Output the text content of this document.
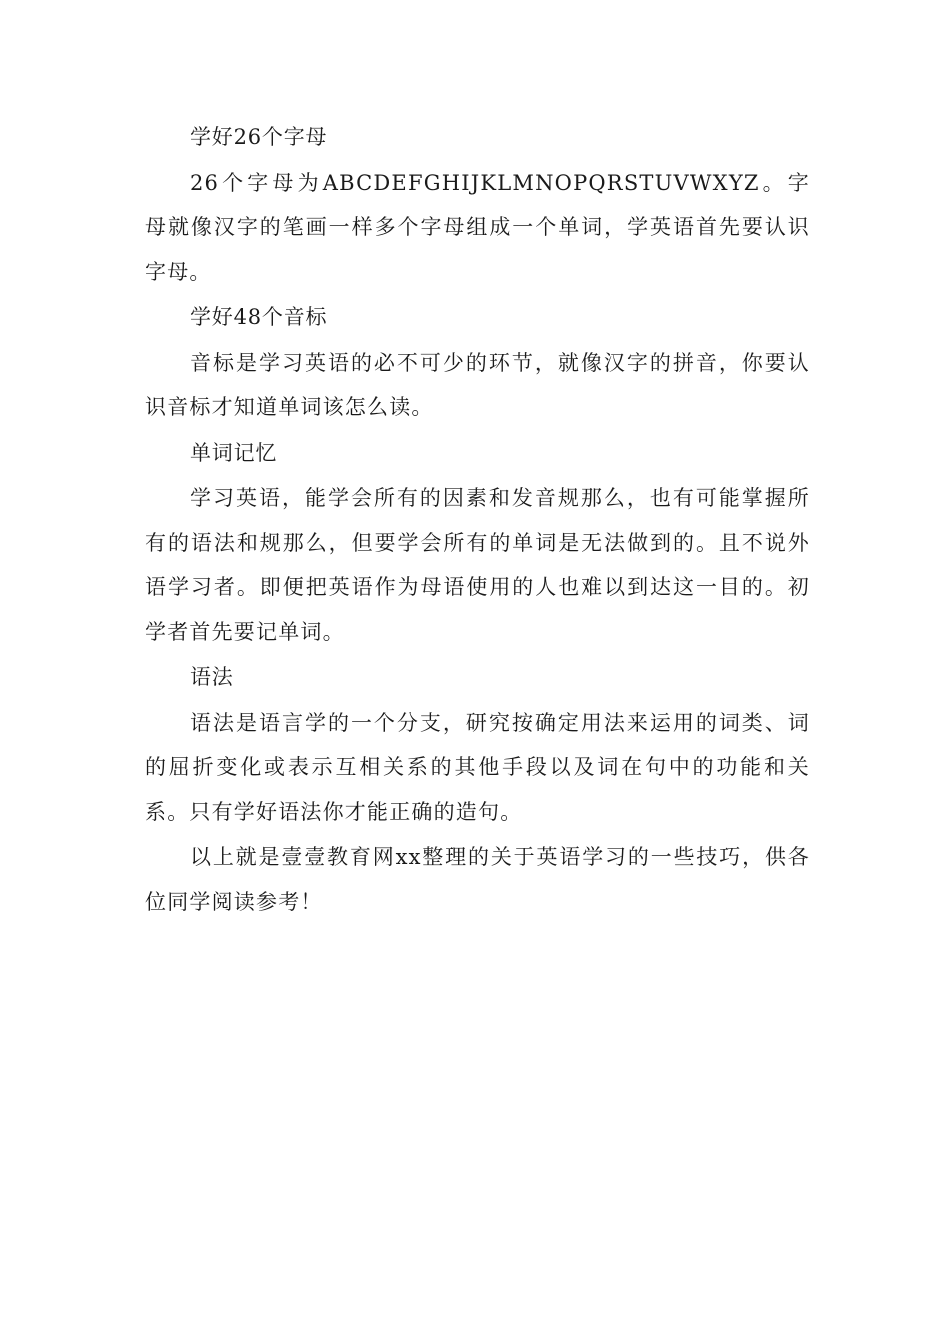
学好26个字母

26个字母为ABCDEFGHIJKLMNOPQRSTUVWXYZ。字母就像汉字的笔画一样多个字母组成一个单词，学英语首先要认识字母。

学好48个音标

音标是学习英语的必不可少的环节，就像汉字的拼音，你要认识音标才知道单词该怎么读。

单词记忆

学习英语，能学会所有的因素和发音规那么，也有可能掌握所有的语法和规那么，但要学会所有的单词是无法做到的。且不说外语学习者。即便把英语作为母语使用的人也难以到达这一目的。初学者首先要记单词。

语法

语法是语言学的一个分支，研究按确定用法来运用的词类、词的屈折变化或表示互相关系的其他手段以及词在句中的功能和关系。只有学好语法你才能正确的造句。

以上就是壹壹教育网xx整理的关于英语学习的一些技巧，供各位同学阅读参考！
